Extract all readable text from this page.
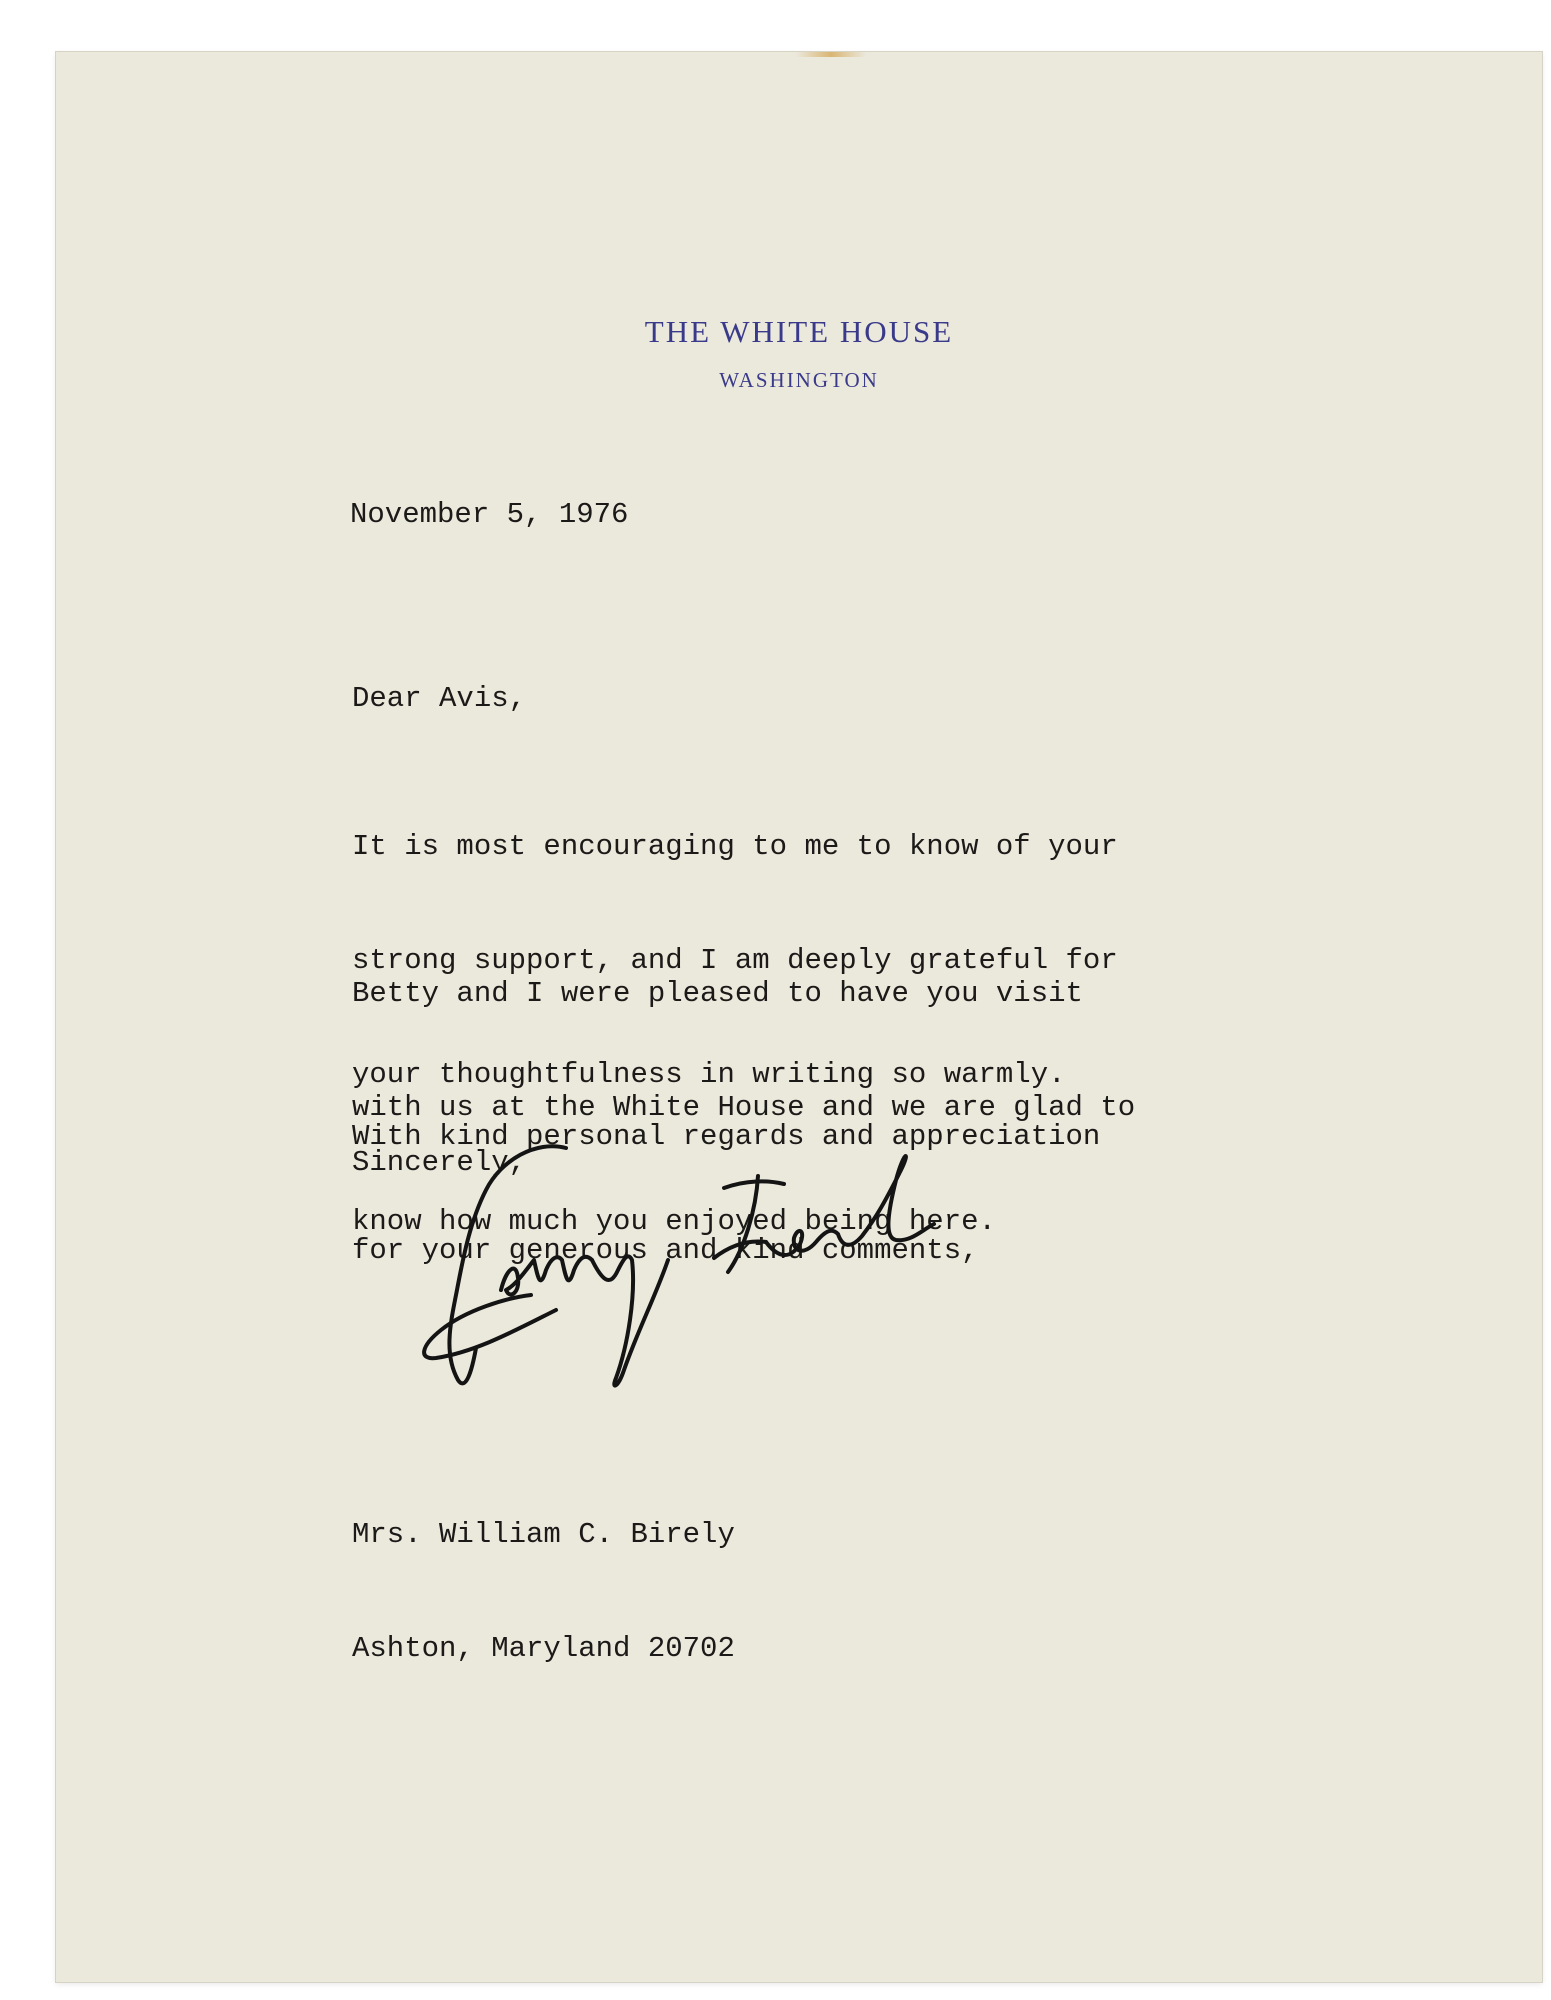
THE WHITE HOUSE
WASHINGTON
November 5, 1976
Dear Avis,

It is most encouraging to me to know of your

strong support, and I am deeply grateful for

your thoughtfulness in writing so warmly.

Betty and I were pleased to have you visit

with us at the White House and we are glad to

know how much you enjoyed being here.

With kind personal regards and appreciation

for your generous and kind comments,

Sincerely,

Mrs. William C. Birely

Ashton, Maryland 20702
